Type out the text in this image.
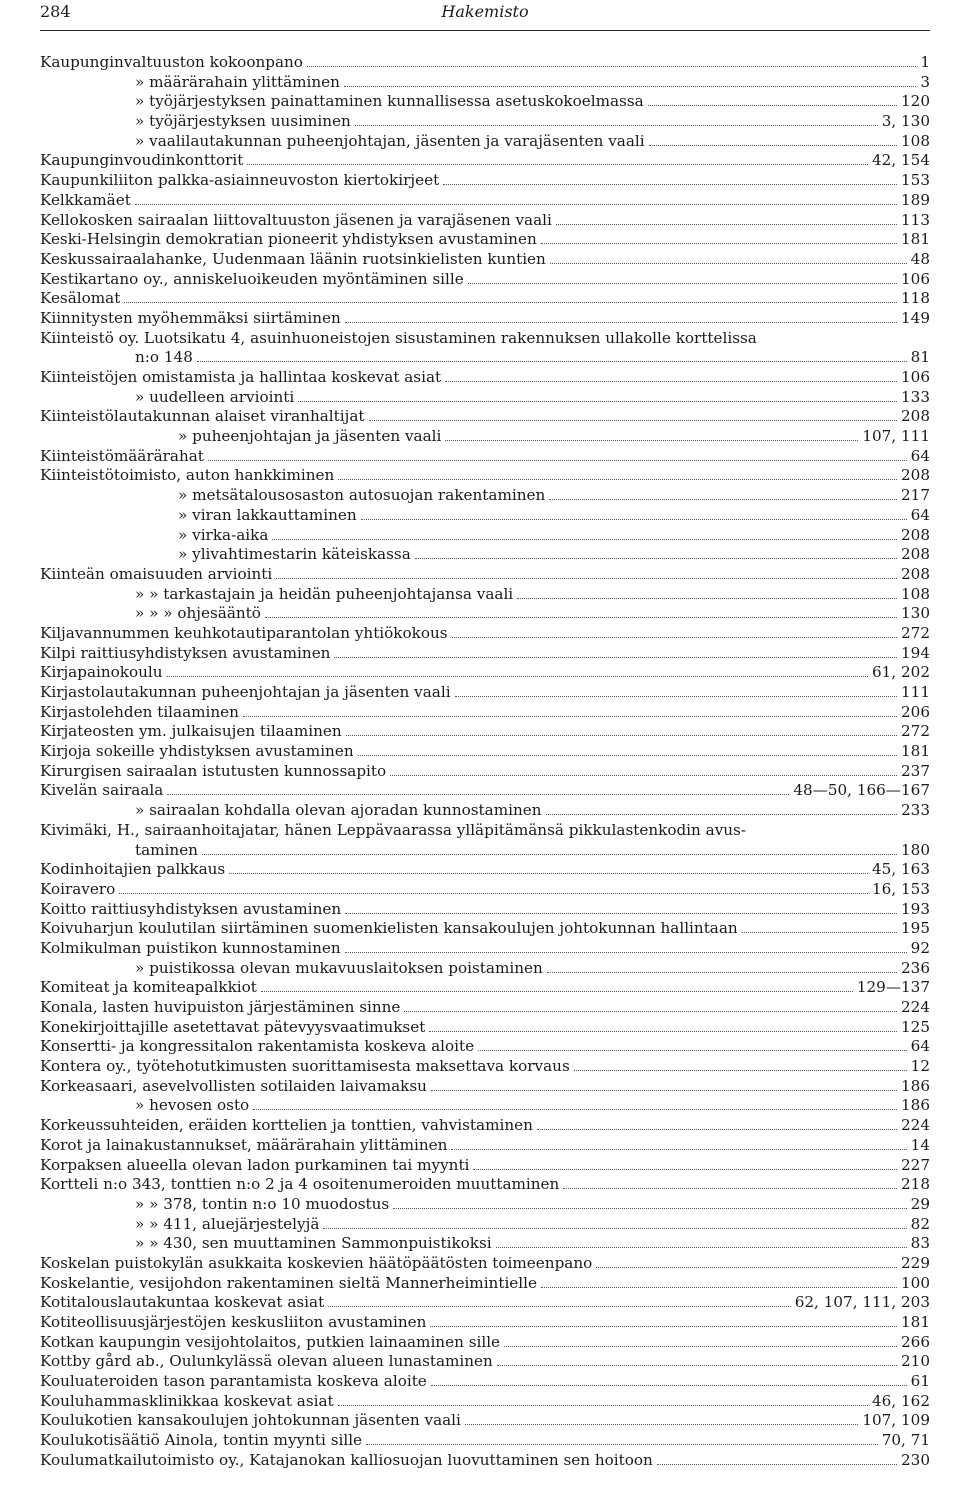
284	Hakemisto
Kaupunginvaltuuston kokoonpano	1
» määrärahain ylittäminen	3
» työjärjestyksen painattaminen kunnallisessa asetuskokoelmassa	120
» työjärjestyksen uusiminen	3, 130
» vaalilautakunnan puheenjohtajan, jäsenten ja varajäsenten vaali	108
Kaupunginvoudinkonttorit	42, 154
Kaupunkiliiton palkka-asiainneuvoston kiertokirjeet	153
Kelkkamäet	189
Kellokosken sairaalan liittovaltuuston jäsenen ja varajäsenen vaali	113
Keski-Helsingin demokratian pioneerit yhdistyksen avustaminen	181
Keskussairaalahanke, Uudenmaan läänin ruotsinkielisten kuntien	48
Kestikartano oy., anniskeluoikeuden myöntäminen sille	106
Kesälomat	118
Kiinnitysten myöhemmäksi siirtäminen	149
Kiinteistö oy. Luotsikatu 4, asuinhuoneistojen sisustaminen rakennuksen ullakolle korttelissa
n:o 148	81
Kiinteistöjen omistamista ja hallintaa koskevat asiat	106
» uudelleen arviointi	133
Kiinteistölautakunnan alaiset viranhaltijat	208
» puheenjohtajan ja jäsenten vaali	107, 111
Kiinteistömäärärahat	64
Kiinteistötoimisto, auton hankkiminen	208
» metsätalousosaston autosuojan rakentaminen	217
» viran lakkauttaminen	64
» virka-aika	208
» ylivahtimestarin käteiskassa	208
Kiinteän omaisuuden arviointi	208
» » tarkastajain ja heidän puheenjohtajansa vaali	108
» » » ohjesääntö	130
Kiljavannummen keuhkotautiparantolan yhtiökokous	272
Kilpi raittiusyhdistyksen avustaminen	194
Kirjapainokoulu	61, 202
Kirjastolautakunnan puheenjohtajan ja jäsenten vaali	111
Kirjastolehden tilaaminen	206
Kirjateosten ym. julkaisujen tilaaminen	272
Kirjoja sokeille yhdistyksen avustaminen	181
Kirurgisen sairaalan istutusten kunnossapito	237
Kivelän sairaala	48—50, 166—167
» sairaalan kohdalla olevan ajoradan kunnostaminen	233
Kivimäki, H., sairaanhoitajatar, hänen Leppävaarassa ylläpitämänsä pikkulastenkodin avus-
taminen	180
Kodinhoitajien palkkaus	45, 163
Koiravero	16, 153
Koitto raittiusyhdistyksen avustaminen	193
Koivuharjun koulutilan siirtäminen suomenkielisten kansakoulujen johtokunnan hallintaan	195
Kolmikulman puistikon kunnostaminen	92
» puistikossa olevan mukavuuslaitoksen poistaminen	236
Komiteat ja komiteapalkkiot	129—137
Konala, lasten huvipuiston järjestäminen sinne	224
Konekirjoittajille asetettavat pätevyysvaatimukset	125
Konsertti- ja kongressitalon rakentamista koskeva aloite	64
Kontera oy., työtehotutkimusten suorittamisesta maksettava korvaus	12
Korkeasaari, asevelvollisten sotilaiden laivamaksu	186
» hevosen osto	186
Korkeussuhteiden, eräiden korttelien ja tonttien, vahvistaminen	224
Korot ja lainakustannukset, määrärahain ylittäminen	14
Korpaksen alueella olevan ladon purkaminen tai myynti	227
Kortteli n:o 343, tonttien n:o 2 ja 4 osoitenumeroiden muuttaminen	218
» » 378, tontin n:o 10 muodostus	29
» » 411, aluejärjestelyjä	82
» » 430, sen muuttaminen Sammonpuistikoksi	83
Koskelan puistokylän asukkaita koskevien häätöpäätösten toimeenpano	229
Koskelantie, vesijohdon rakentaminen sieltä Mannerheimintielle	100
Kotitalouslautakuntaa koskevat asiat	62, 107, 111, 203
Kotiteollisuusjärjestöjen keskusliiton avustaminen	181
Kotkan kaupungin vesijohtolaitos, putkien lainaaminen sille	266
Kottby gård ab., Oulunkylässä olevan alueen lunastaminen	210
Kouluateroiden tason parantamista koskeva aloite	61
Kouluhammasklinikkaa koskevat asiat	46, 162
Koulukotien kansakoulujen johtokunnan jäsenten vaali	107, 109
Koulukotisäätiö Ainola, tontin myynti sille	70, 71
Koulumatkailutoimisto oy., Katajanokan kalliosuojan luovuttaminen sen hoitoon	230
